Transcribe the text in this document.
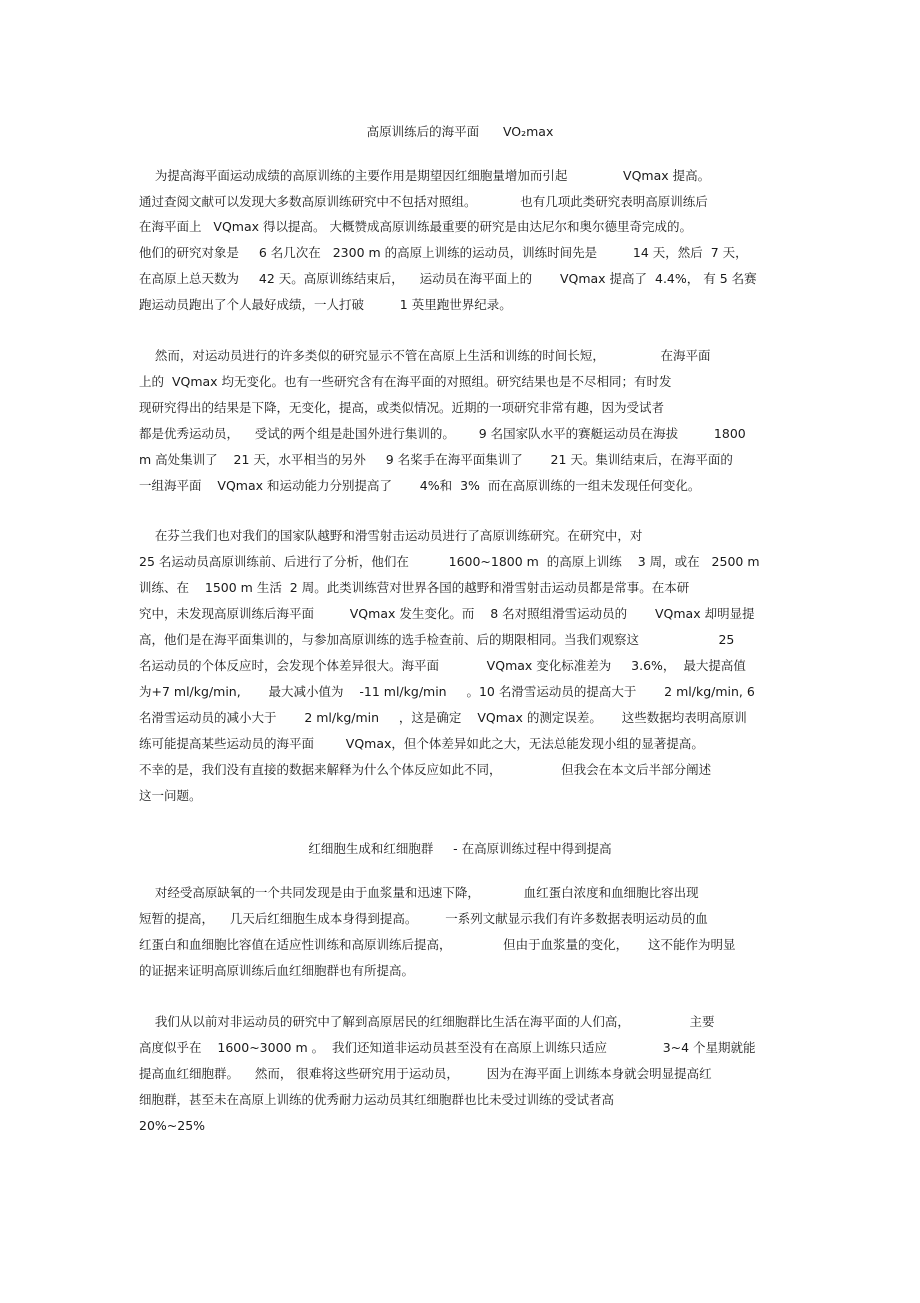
高原训练后的海平面      VO₂max
为提高海平面运动成绩的高原训练的主要作用是期望因红细胞量增加而引起              VQmax 提高。
通过查阅文献可以发现大多数高原训练研究中不包括对照组。           也有几项此类研究表明高原训练后
在海平面上   VQmax 得以提高。 大概赞成高原训练最重要的研究是由达尼尔和奥尔德里奇完成的。
他们的研究对象是     6 名几次在   2300 m 的高原上训练的运动员，训练时间先是         14 天，然后  7 天，
在高原上总天数为     42 天。高原训练结束后，    运动员在海平面上的       VQmax 提高了  4.4%， 有 5 名赛
跑运动员跑出了个人最好成绩，一人打破         1 英里跑世界纪录。
然而，对运动员进行的许多类似的研究显示不管在高原上生活和训练的时间长短，              在海平面
上的  VQmax 均无变化。也有一些研究含有在海平面的对照组。研究结果也是不尽相同；有时发
现研究得出的结果是下降，无变化，提高，或类似情况。近期的一项研究非常有趣，因为受试者
都是优秀运动员，    受试的两个组是赴国外进行集训的。      9 名国家队水平的赛艇运动员在海拔         1800
m 高处集训了    21 天，水平相当的另外     9 名桨手在海平面集训了       21 天。集训结束后，在海平面的
一组海平面    VQmax 和运动能力分别提高了       4%和  3%  而在高原训练的一组未发现任何变化。
在芬兰我们也对我们的国家队越野和滑雪射击运动员进行了高原训练研究。在研究中，对
25 名运动员高原训练前、后进行了分析，他们在          1600~1800 m  的高原上训练    3 周，或在   2500 m
训练、在    1500 m 生活  2 周。此类训练营对世界各国的越野和滑雪射击运动员都是常事。在本研
究中，未发现高原训练后海平面         VQmax 发生变化。而    8 名对照组滑雪运动员的       VQmax 却明显提
高，他们是在海平面集训的，与参加高原训练的选手检查前、后的期限相同。当我们观察这                    25
名运动员的个体反应时，会发现个体差异很大。海平面            VQmax 变化标准差为     3.6%，  最大提高值
为+7 ml/kg/min,       最大减小值为    -11 ml/kg/min     。10 名滑雪运动员的提高大于       2 ml/kg/min, 6
名滑雪运动员的减小大于       2 ml/kg/min     ，这是确定    VQmax 的测定误差。     这些数据均表明高原训
练可能提高某些运动员的海平面        VQmax，但个体差异如此之大，无法总能发现小组的显著提高。
不幸的是，我们没有直接的数据来解释为什么个体反应如此不同，               但我会在本文后半部分阐述
这一问题。
红细胞生成和红细胞群     - 在高原训练过程中得到提高
对经受高原缺氧的一个共同发现是由于血浆量和迅速下降，           血红蛋白浓度和血细胞比容出现
短暂的提高，    几天后红细胞生成本身得到提高。       一系列文献显示我们有许多数据表明运动员的血
红蛋白和血细胞比容值在适应性训练和高原训练后提高，             但由于血浆量的变化，     这不能作为明显
的证据来证明高原训练后血红细胞群也有所提高。
我们从以前对非运动员的研究中了解到高原居民的红细胞群比生活在海平面的人们高，               主要
高度似乎在    1600~3000 m 。  我们还知道非运动员甚至没有在高原上训练只适应              3~4 个星期就能
提高血红细胞群。    然而， 很难将这些研究用于运动员，       因为在海平面上训练本身就会明显提高红
细胞群，甚至未在高原上训练的优秀耐力运动员其红细胞群也比未受过训练的受试者高
20%~25%
